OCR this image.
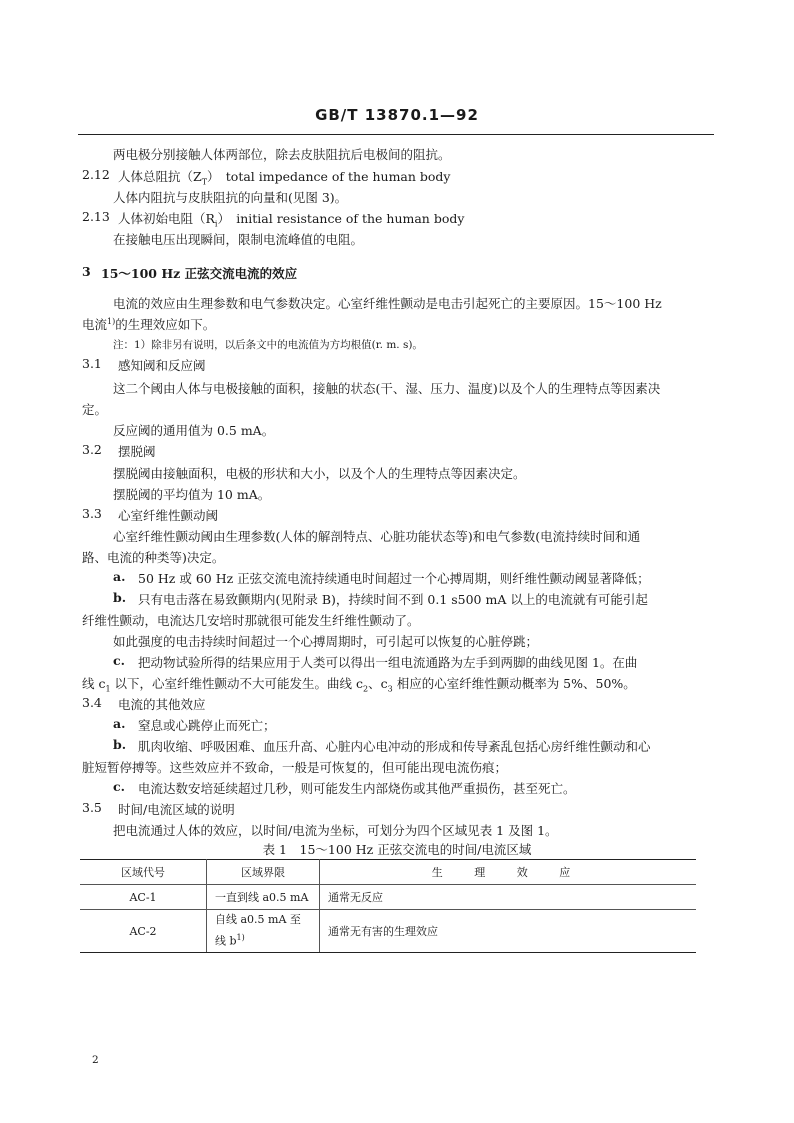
GB/T 13870.1—92
两电极分别接触人体两部位，除去皮肤阻抗后电极间的阻抗。
2.12 人体总阻抗$(Z_T)$　total impedance of the human body
人体内阻抗与皮肤阻抗的向量和(见图 3)。
2.13 人体初始电阻$(R_i)$　initial resistance of the human body
在接触电压出现瞬间，限制电流峰值的电阻。
3 15～100 Hz 正弦交流电流的效应
电流的效应由生理参数和电气参数决定。心室纤维性颤动是电击引起死亡的主要原因。15～100 Hz
电流$^{1)}$的生理效应如下。
注：1）除非另有说明，以后条文中的电流值为方均根值(r. m. s)。
3.1 感知阈和反应阈
这二个阈由人体与电极接触的面积，接触的状态(干、湿、压力、温度)以及个人的生理特点等因素决
定。
反应阈的通用值为 0.5 mA。
3.2 摆脱阈
摆脱阈由接触面积，电极的形状和大小，以及个人的生理特点等因素决定。
摆脱阈的平均值为 10 mA。
3.3 心室纤维性颤动阈
心室纤维性颤动阈由生理参数(人体的解剖特点、心脏功能状态等)和电气参数(电流持续时间和通
路、电流的种类等)决定。
a. 50 Hz 或 60 Hz 正弦交流电流持续通电时间超过一个心搏周期，则纤维性颤动阈显著降低；
b. 只有电击落在易致颤期内(见附录 B)，持续时间不到 0.1 s500 mA 以上的电流就有可能引起
纤维性颤动，电流达几安培时那就很可能发生纤维性颤动了。
如此强度的电击持续时间超过一个心搏周期时，可引起可以恢复的心脏停跳；
c. 把动物试验所得的结果应用于人类可以得出一组电流通路为左手到两脚的曲线见图 1。在曲
线 $c_1$ 以下，心室纤维性颤动不大可能发生。曲线 $c_2$、$c_3$ 相应的心室纤维性颤动概率为 5%、50%。
3.4 电流的其他效应
a. 窒息或心跳停止而死亡；
b. 肌肉收缩、呼吸困难、血压升高、心脏内心电冲动的形成和传导紊乱包括心房纤维性颤动和心
脏短暂停搏等。这些效应并不致命，一般是可恢复的，但可能出现电流伤痕；
c. 电流达数安培延续超过几秒，则可能发生内部烧伤或其他严重损伤，甚至死亡。
3.5 时间/电流区域的说明
把电流通过人体的效应，以时间/电流为坐标，可划分为四个区域见表 1 及图 1。
表 1　15～100 Hz 正弦交流电的时间/电流区域
区域代号	区域界限	生 理 效 应
AC-1	一直到线 a0.5 mA	通常无反应
AC-2	自线 a0.5 mA 至线 $b^{1)}$	通常无有害的生理效应
2
